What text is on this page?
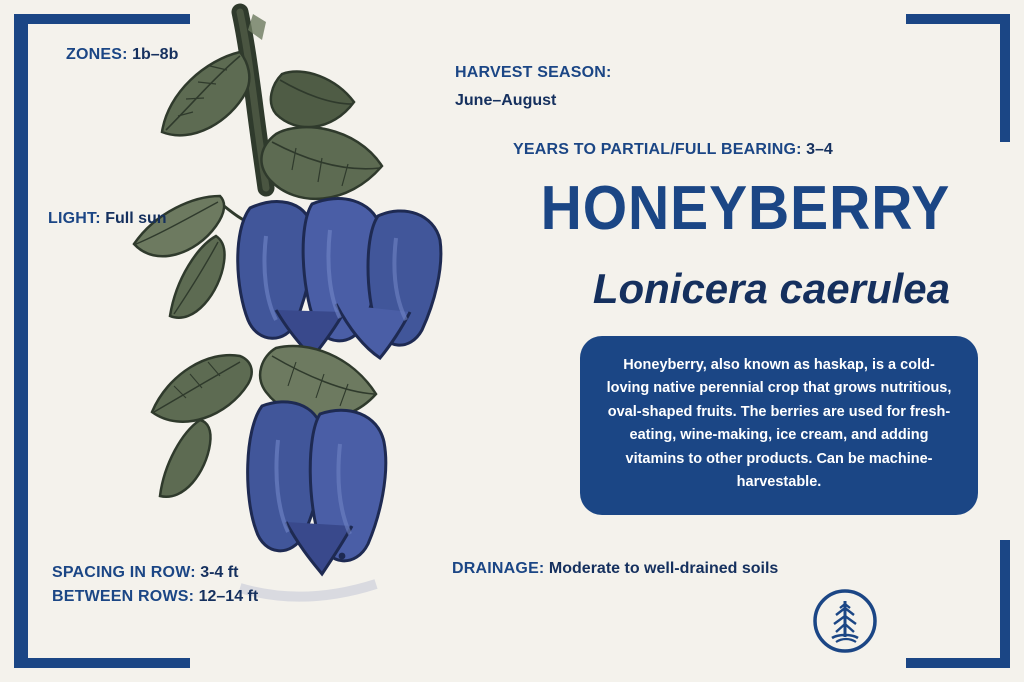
ZONES: 1b–8b
LIGHT: Full sun
HARVEST SEASON:
June–August
YEARS TO PARTIAL/FULL BEARING: 3–4
DRAINAGE: Moderate to well-drained soils
SPACING IN ROW: 3-4 ft
BETWEEN ROWS: 12–14 ft
HONEYBERRY
Lonicera caerulea
Honeyberry, also known as haskap, is a cold-loving native perennial crop that grows nutritious, oval-shaped fruits. The berries are used for fresh-eating, wine-making, ice cream, and adding vitamins to other products. Can be machine-harvestable.
